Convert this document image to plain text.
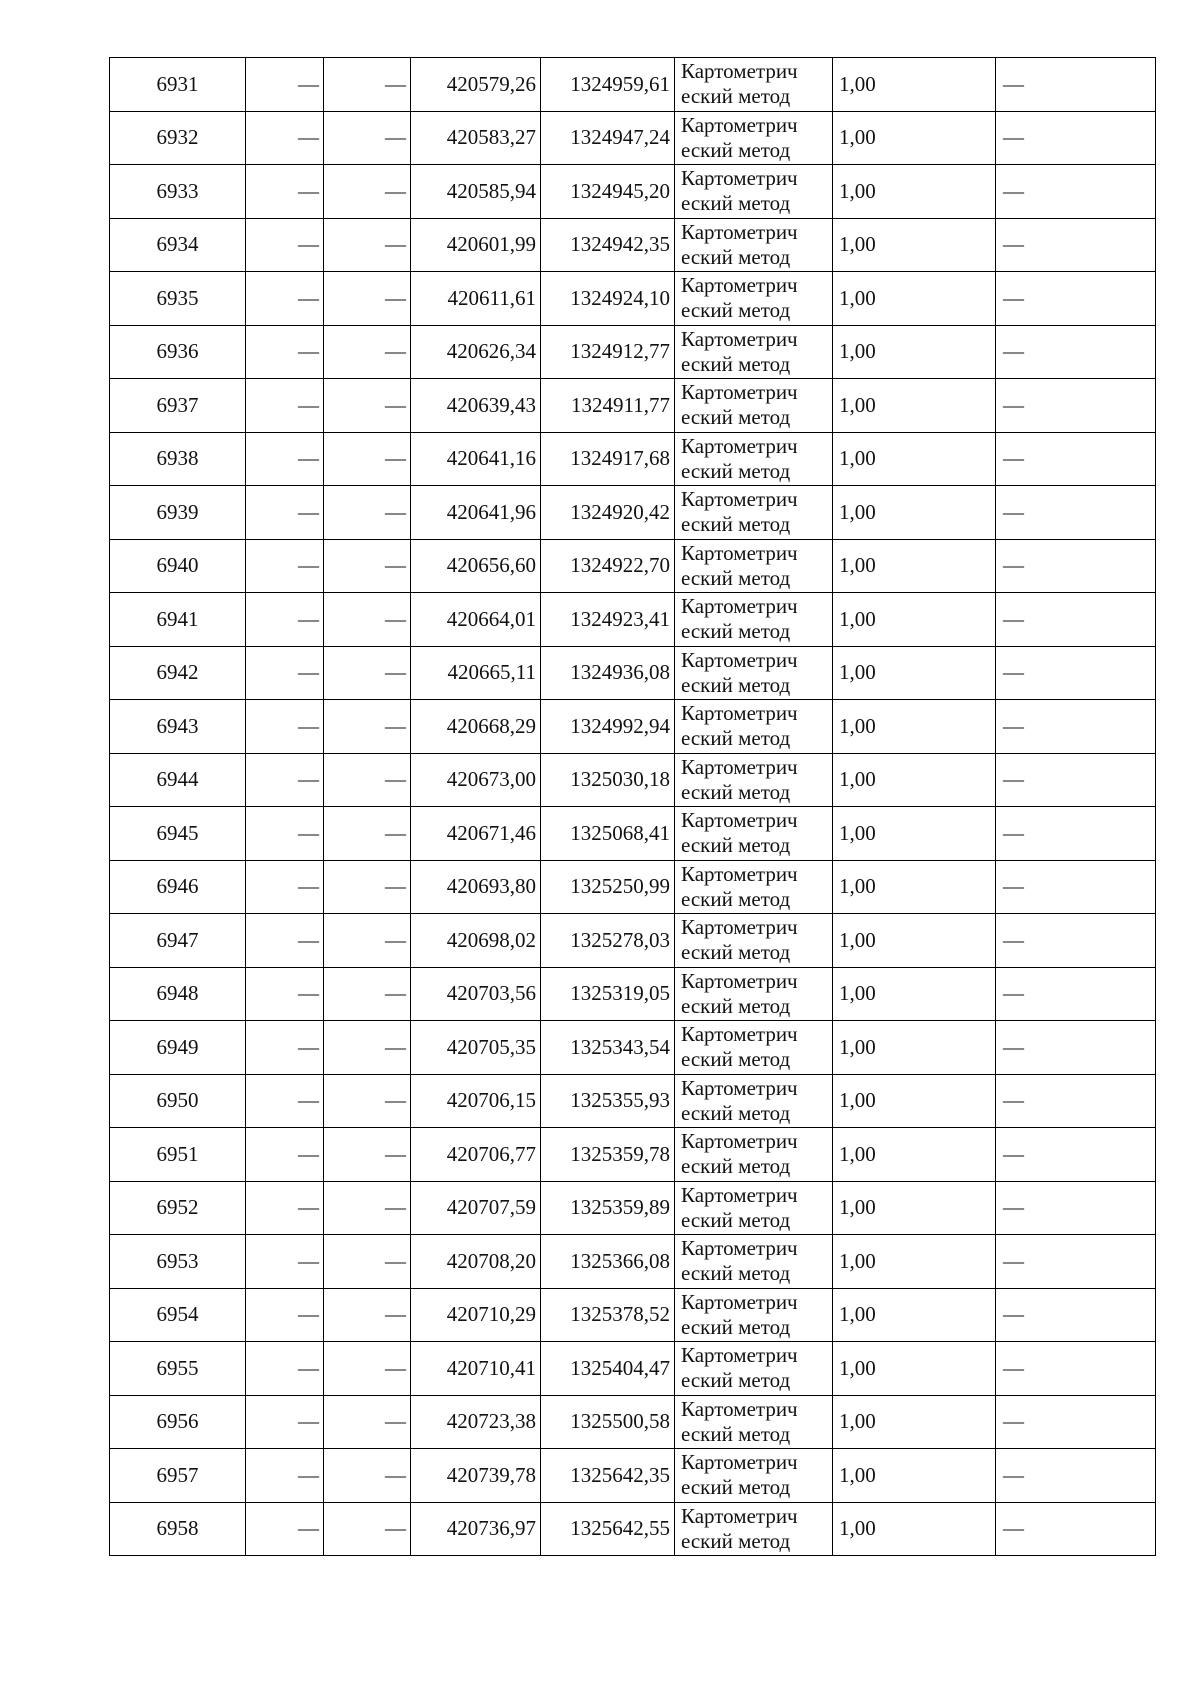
6931	—	—	420579,26	1324959,61	Картометрич
еский метод	1,00	—
6932	—	—	420583,27	1324947,24	Картометрич
еский метод	1,00	—
6933	—	—	420585,94	1324945,20	Картометрич
еский метод	1,00	—
6934	—	—	420601,99	1324942,35	Картометрич
еский метод	1,00	—
6935	—	—	420611,61	1324924,10	Картометрич
еский метод	1,00	—
6936	—	—	420626,34	1324912,77	Картометрич
еский метод	1,00	—
6937	—	—	420639,43	1324911,77	Картометрич
еский метод	1,00	—
6938	—	—	420641,16	1324917,68	Картометрич
еский метод	1,00	—
6939	—	—	420641,96	1324920,42	Картометрич
еский метод	1,00	—
6940	—	—	420656,60	1324922,70	Картометрич
еский метод	1,00	—
6941	—	—	420664,01	1324923,41	Картометрич
еский метод	1,00	—
6942	—	—	420665,11	1324936,08	Картометрич
еский метод	1,00	—
6943	—	—	420668,29	1324992,94	Картометрич
еский метод	1,00	—
6944	—	—	420673,00	1325030,18	Картометрич
еский метод	1,00	—
6945	—	—	420671,46	1325068,41	Картометрич
еский метод	1,00	—
6946	—	—	420693,80	1325250,99	Картометрич
еский метод	1,00	—
6947	—	—	420698,02	1325278,03	Картометрич
еский метод	1,00	—
6948	—	—	420703,56	1325319,05	Картометрич
еский метод	1,00	—
6949	—	—	420705,35	1325343,54	Картометрич
еский метод	1,00	—
6950	—	—	420706,15	1325355,93	Картометрич
еский метод	1,00	—
6951	—	—	420706,77	1325359,78	Картометрич
еский метод	1,00	—
6952	—	—	420707,59	1325359,89	Картометрич
еский метод	1,00	—
6953	—	—	420708,20	1325366,08	Картометрич
еский метод	1,00	—
6954	—	—	420710,29	1325378,52	Картометрич
еский метод	1,00	—
6955	—	—	420710,41	1325404,47	Картометрич
еский метод	1,00	—
6956	—	—	420723,38	1325500,58	Картометрич
еский метод	1,00	—
6957	—	—	420739,78	1325642,35	Картометрич
еский метод	1,00	—
6958	—	—	420736,97	1325642,55	Картометрич
еский метод	1,00	—
